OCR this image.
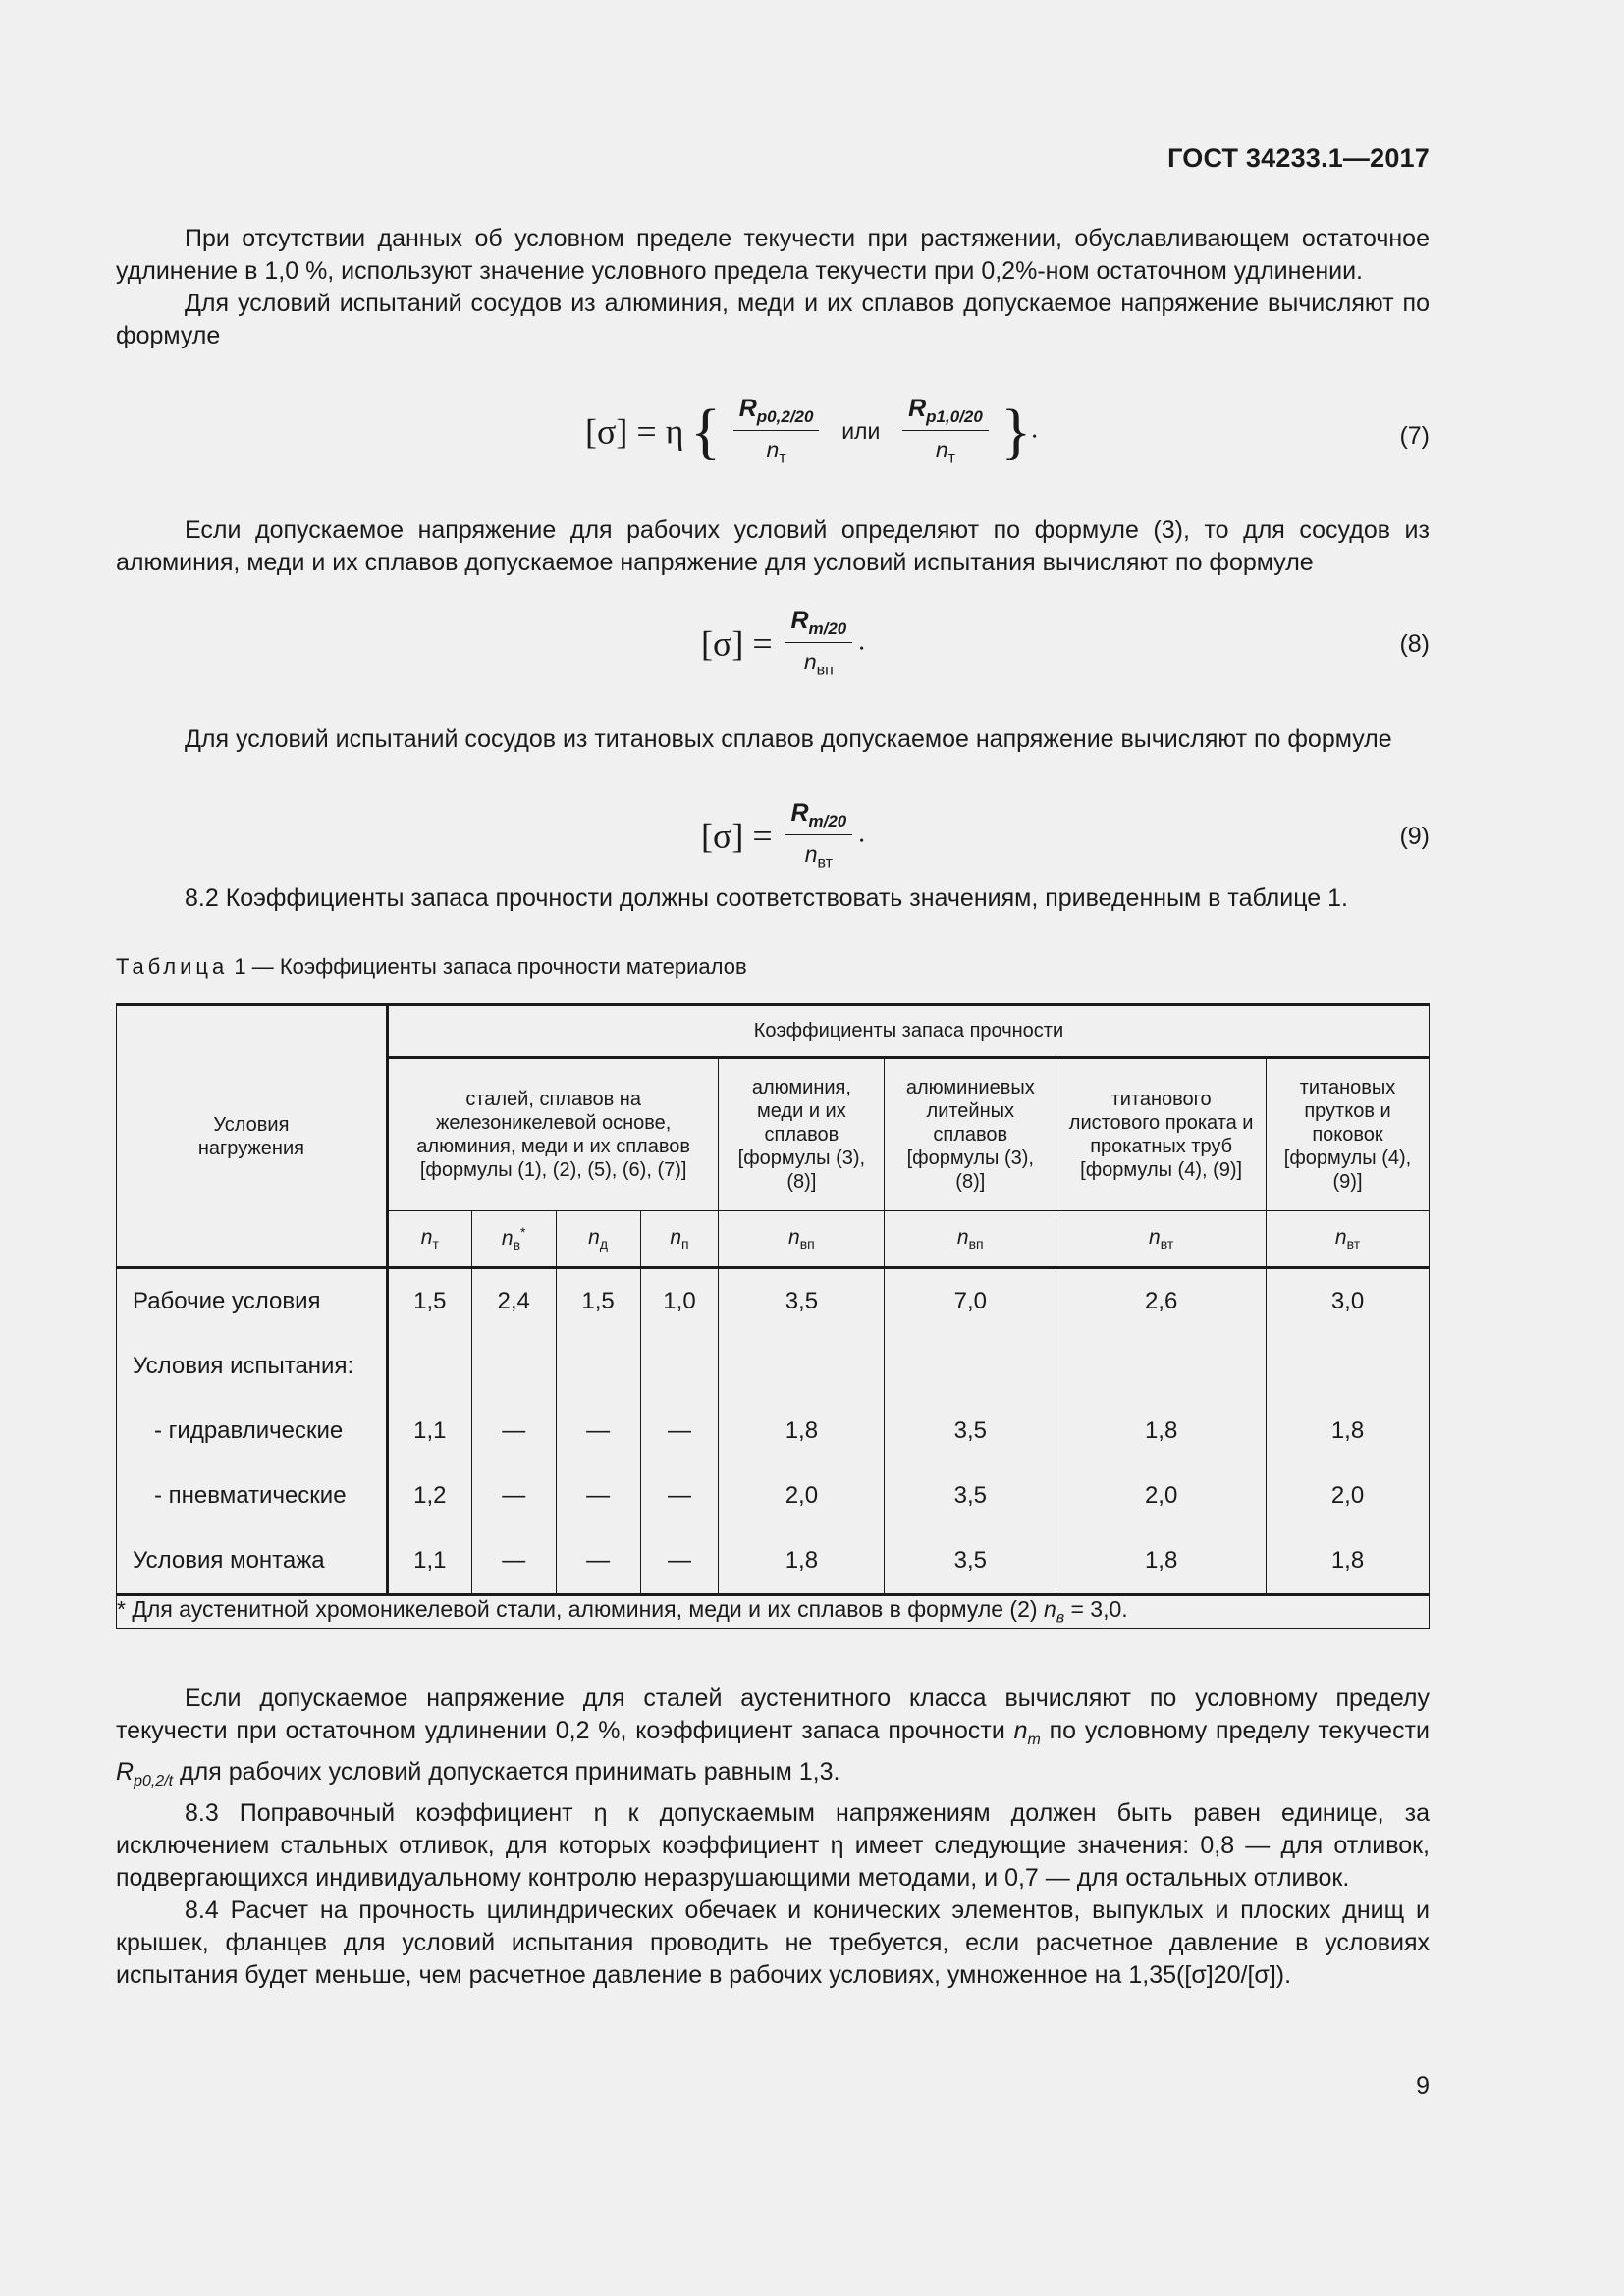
ГОСТ 34233.1—2017

При отсутствии данных об условном пределе текучести при растяжении, обуславливающем остаточное удлинение в 1,0 %, используют значение условного предела текучести при 0,2%-ном остаточном удлинении.

Для условий испытаний сосудов из алюминия, меди и их сплавов допускаемое напряжение вычисляют по формуле

[σ] = η { $\frac{R_{p0,2/20}}{n_т}$ или $\frac{R_{p1,0/20}}{n_т}$ }.	(7)

Если допускаемое напряжение для рабочих условий определяют по формуле (3), то для сосудов из алюминия, меди и их сплавов допускаемое напряжение для условий испытания вычисляют по формуле

$[\sigma] = \frac{R_{m/20}}{n_{вп}}$ .	(8)

Для условий испытаний сосудов из титановых сплавов допускаемое напряжение вычисляют по формуле

$[\sigma] = \frac{R_{m/20}}{n_{вт}}$ .	(9)

8.2 Коэффициенты запаса прочности должны соответствовать значениям, приведенным в таблице 1.

Таблица 1 — Коэффициенты запаса прочности материалов
Условия нагружения	Коэффициенты запаса прочности							

	сталей, сплавов на железоникелевой основе, алюминия, меди и их сплавов [формулы (1), (2), (5), (6), (7)]				алюминия, меди и их сплавов [формулы (3), (8)]	алюминиевых литейных сплавов [формулы (3), (8)]	титанового листового проката и прокатных труб [формулы (4), (9)]	титановых прутков и поковок [формулы (4), (9)]

	$n_т$	$n_в^*$	$n_д$	$n_п$	$n_{вп}$	$n_{вп}$	$n_{вт}$	$n_{вт}$
Рабочие условия	1,5	2,4	1,5	1,0	3,5	7,0	2,6	3,0
Условия испытания:								
- гидравлические	1,1	—	—	—	1,8	3,5	1,8	1,8
- пневматические	1,2	—	—	—	2,0	3,5	2,0	2,0
Условия монтажа	1,1	—	—	—	1,8	3,5	1,8	1,8
* Для аустенитной хромоникелевой стали, алюминия, меди и их сплавов в формуле (2) $n_в = 3,0$.								

Если допускаемое напряжение для сталей аустенитного класса вычисляют по условному пределу текучести при остаточном удлинении 0,2 %, коэффициент запаса прочности $n_т$ по условному пределу текучести $R_{p0,2/t}$ для рабочих условий допускается принимать равным 1,3.

8.3 Поправочный коэффициент η к допускаемым напряжениям должен быть равен единице, за исключением стальных отливок, для которых коэффициент η имеет следующие значения: 0,8 — для отливок, подвергающихся индивидуальному контролю неразрушающими методами, и 0,7 — для остальных отливок.

8.4 Расчет на прочность цилиндрических обечаек и конических элементов, выпуклых и плоских днищ и крышек, фланцев для условий испытания проводить не требуется, если расчетное давление в условиях испытания будет меньше, чем расчетное давление в рабочих условиях, умноженное на 1,35([σ]20/[σ]).

9
